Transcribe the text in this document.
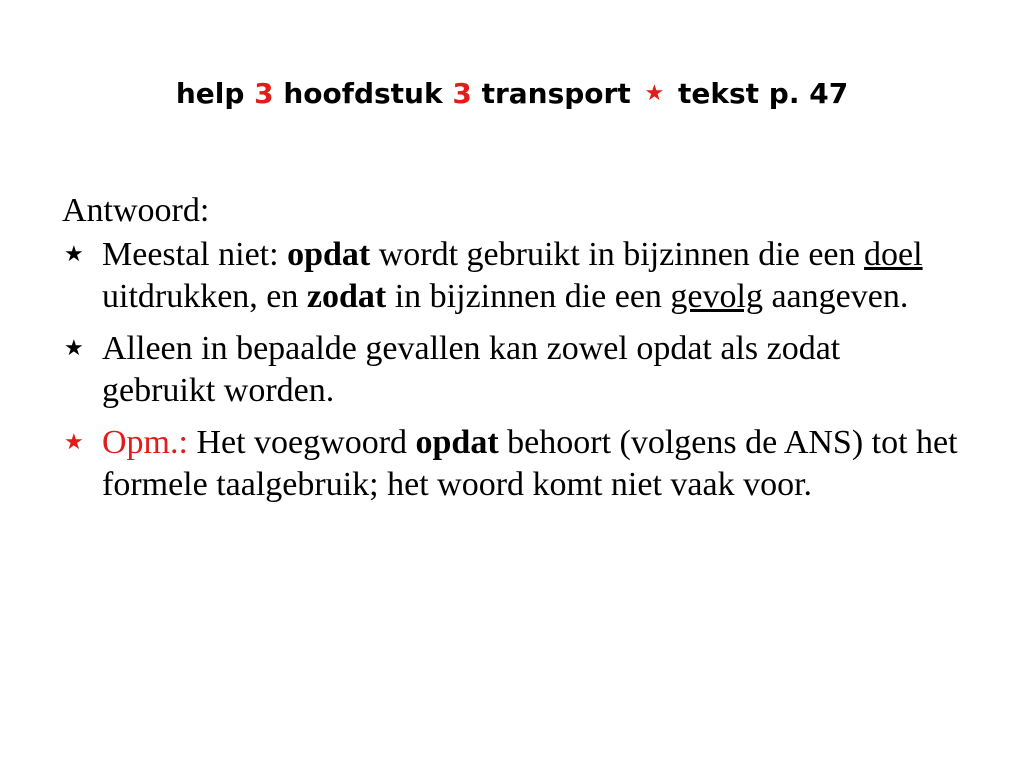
help 3 hoofdstuk 3 transport ★ tekst p. 47
Antwoord:
★ Meestal niet: opdat wordt gebruikt in bijzinnen die een doel uitdrukken, en zodat in bijzinnen die een gevolg aangeven.
★ Alleen in bepaalde gevallen kan zowel opdat als zodat gebruikt worden.
★ Opm.: Het voegwoord opdat behoort (volgens de ANS) tot het formele taalgebruik; het woord komt niet vaak voor.
